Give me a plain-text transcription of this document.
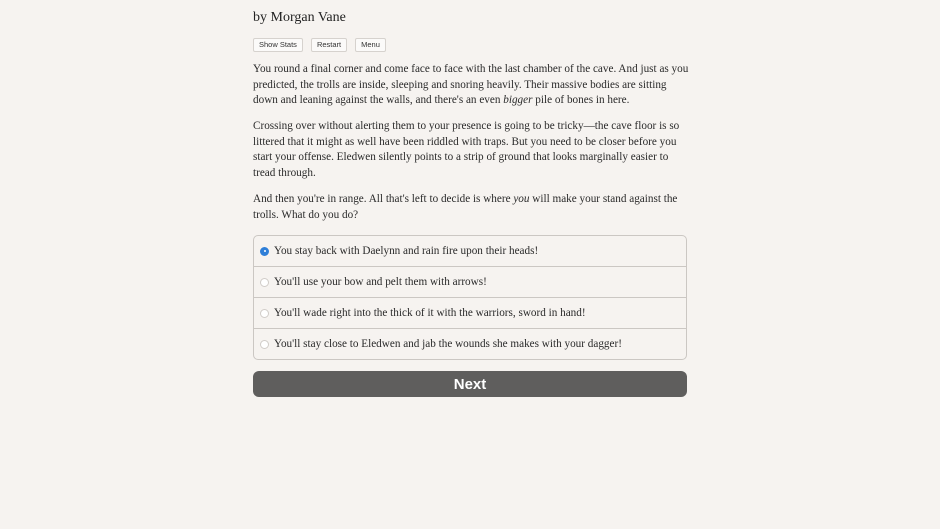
by Morgan Vane
Show Stats	Restart	Menu

You round a final corner and come face to face with the last chamber of the cave. And just as you predicted, the trolls are inside, sleeping and snoring heavily. Their massive bodies are sitting down and leaning against the walls, and there's an even bigger pile of bones in here.

Crossing over without alerting them to your presence is going to be tricky—the cave floor is so littered that it might as well have been riddled with traps. But you need to be closer before you start your offense. Eledwen silently points to a strip of ground that looks marginally easier to tread through.

And then you're in range. All that's left to decide is where you will make your stand against the trolls. What do you do?

You stay back with Daelynn and rain fire upon their heads!
You'll use your bow and pelt them with arrows!
You'll wade right into the thick of it with the warriors, sword in hand!
You'll stay close to Eledwen and jab the wounds she makes with your dagger!
Next
